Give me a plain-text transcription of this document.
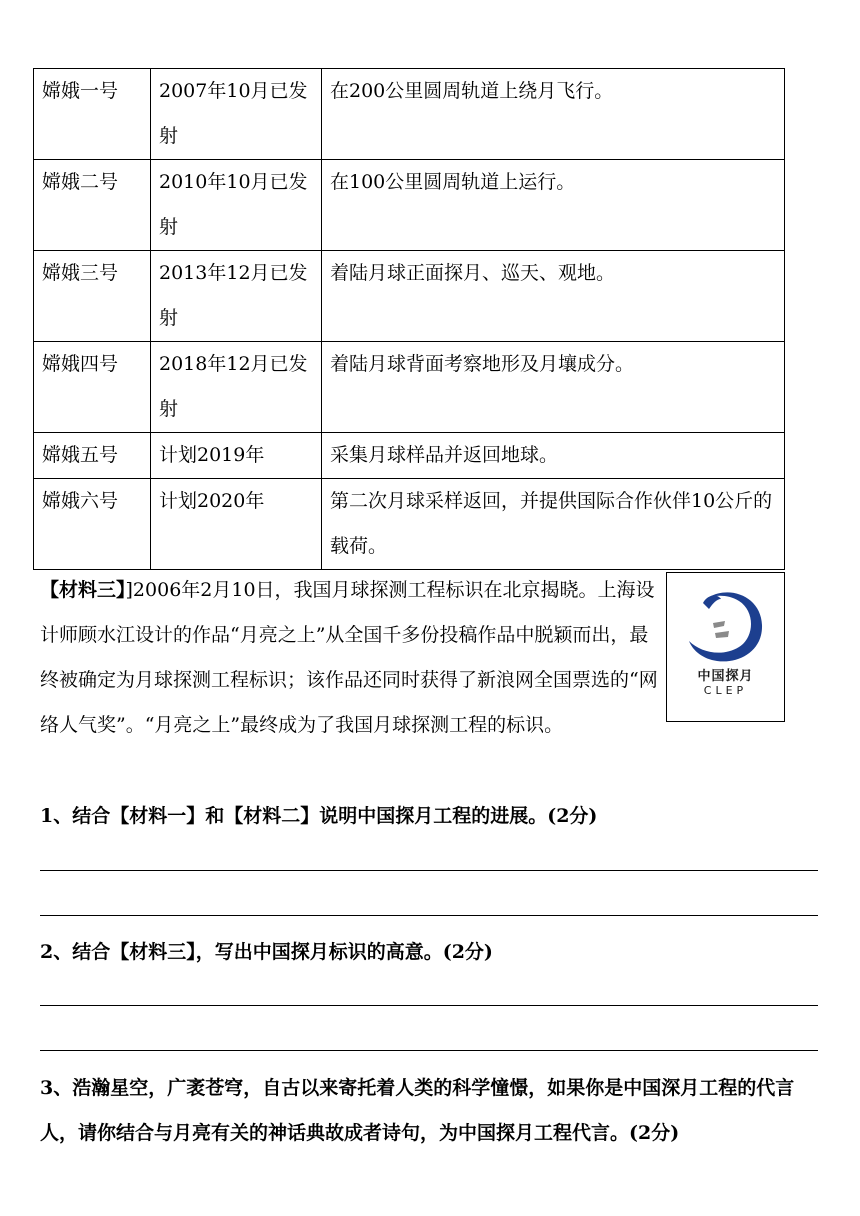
嫦娥一号	2007年10月已发射	在200公里圆周轨道上绕月飞行。
嫦娥二号	2010年10月已发射	在100公里圆周轨道上运行。
嫦娥三号	2013年12月已发射	着陆月球正面探月、巡天、观地。
嫦娥四号	2018年12月已发射	着陆月球背面考察地形及月壤成分。
嫦娥五号	计划2019年	采集月球样品并返回地球。
嫦娥六号	计划2020年	第二次月球采样返回，并提供国际合作伙伴10公斤的载荷。
【材料三】]2006年2月10日，我国月球探测工程标识在北京揭晓。上海设计师顾水江设计的作品“月亮之上”从全国千多份投稿作品中脱颖而出，最终被确定为月球探测工程标识；该作品还同时获得了新浪网全国票选的“网络人气奖”。“月亮之上”最终成为了我国月球探测工程的标识。
中国探月
CLEP
1、结合【材料一】和【材料二】说明中国探月工程的进展。(2分)
2、结合【材料三】，写出中国探月标识的高意。(2分)
3、浩瀚星空，广袤苍穹，自古以来寄托着人类的科学憧憬，如果你是中国深月工程的代言人，请你结合与月亮有关的神话典故成者诗句，为中国探月工程代言。(2分)
